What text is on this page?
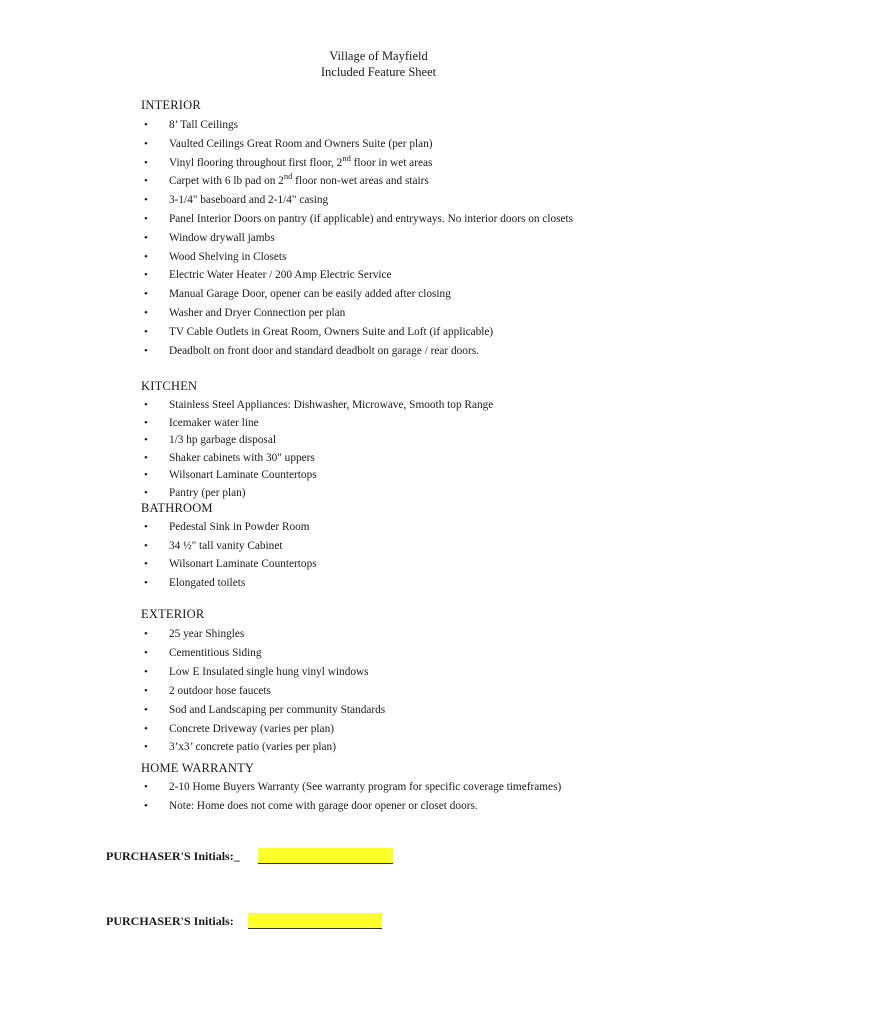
Village of Mayfield
Included Feature Sheet
INTERIOR
• 8’ Tall Ceilings
• Vaulted Ceilings Great Room and Owners Suite (per plan)
• Vinyl flooring throughout first floor, 2nd floor in wet areas
• Carpet with 6 lb pad on 2nd floor non-wet areas and stairs
• 3-1/4" baseboard and 2-1/4" casing
• Panel Interior Doors on pantry (if applicable) and entryways. No interior doors on closets
• Window drywall jambs
• Wood Shelving in Closets
• Electric Water Heater / 200 Amp Electric Service
• Manual Garage Door, opener can be easily added after closing
• Washer and Dryer Connection per plan
• TV Cable Outlets in Great Room, Owners Suite and Loft (if applicable)
• Deadbolt on front door and standard deadbolt on garage / rear doors.
KITCHEN
• Stainless Steel Appliances: Dishwasher, Microwave, Smooth top Range
• Icemaker water line
• 1/3 hp garbage disposal
• Shaker cabinets with 30" uppers
• Wilsonart Laminate Countertops
• Pantry (per plan)
BATHROOM
• Pedestal Sink in Powder Room
• 34 ½" tall vanity Cabinet
• Wilsonart Laminate Countertops
• Elongated toilets
EXTERIOR
• 25 year Shingles
• Cementitious Siding
• Low E Insulated single hung vinyl windows
• 2 outdoor hose faucets
• Sod and Landscaping per community Standards
• Concrete Driveway (varies per plan)
• 3’x3’ concrete patio (varies per plan)
HOME WARRANTY
• 2-10 Home Buyers Warranty (See warranty program for specific coverage timeframes)
• Note: Home does not come with garage door opener or closet doors.
PURCHASER'S Initials:_
PURCHASER'S Initials:
